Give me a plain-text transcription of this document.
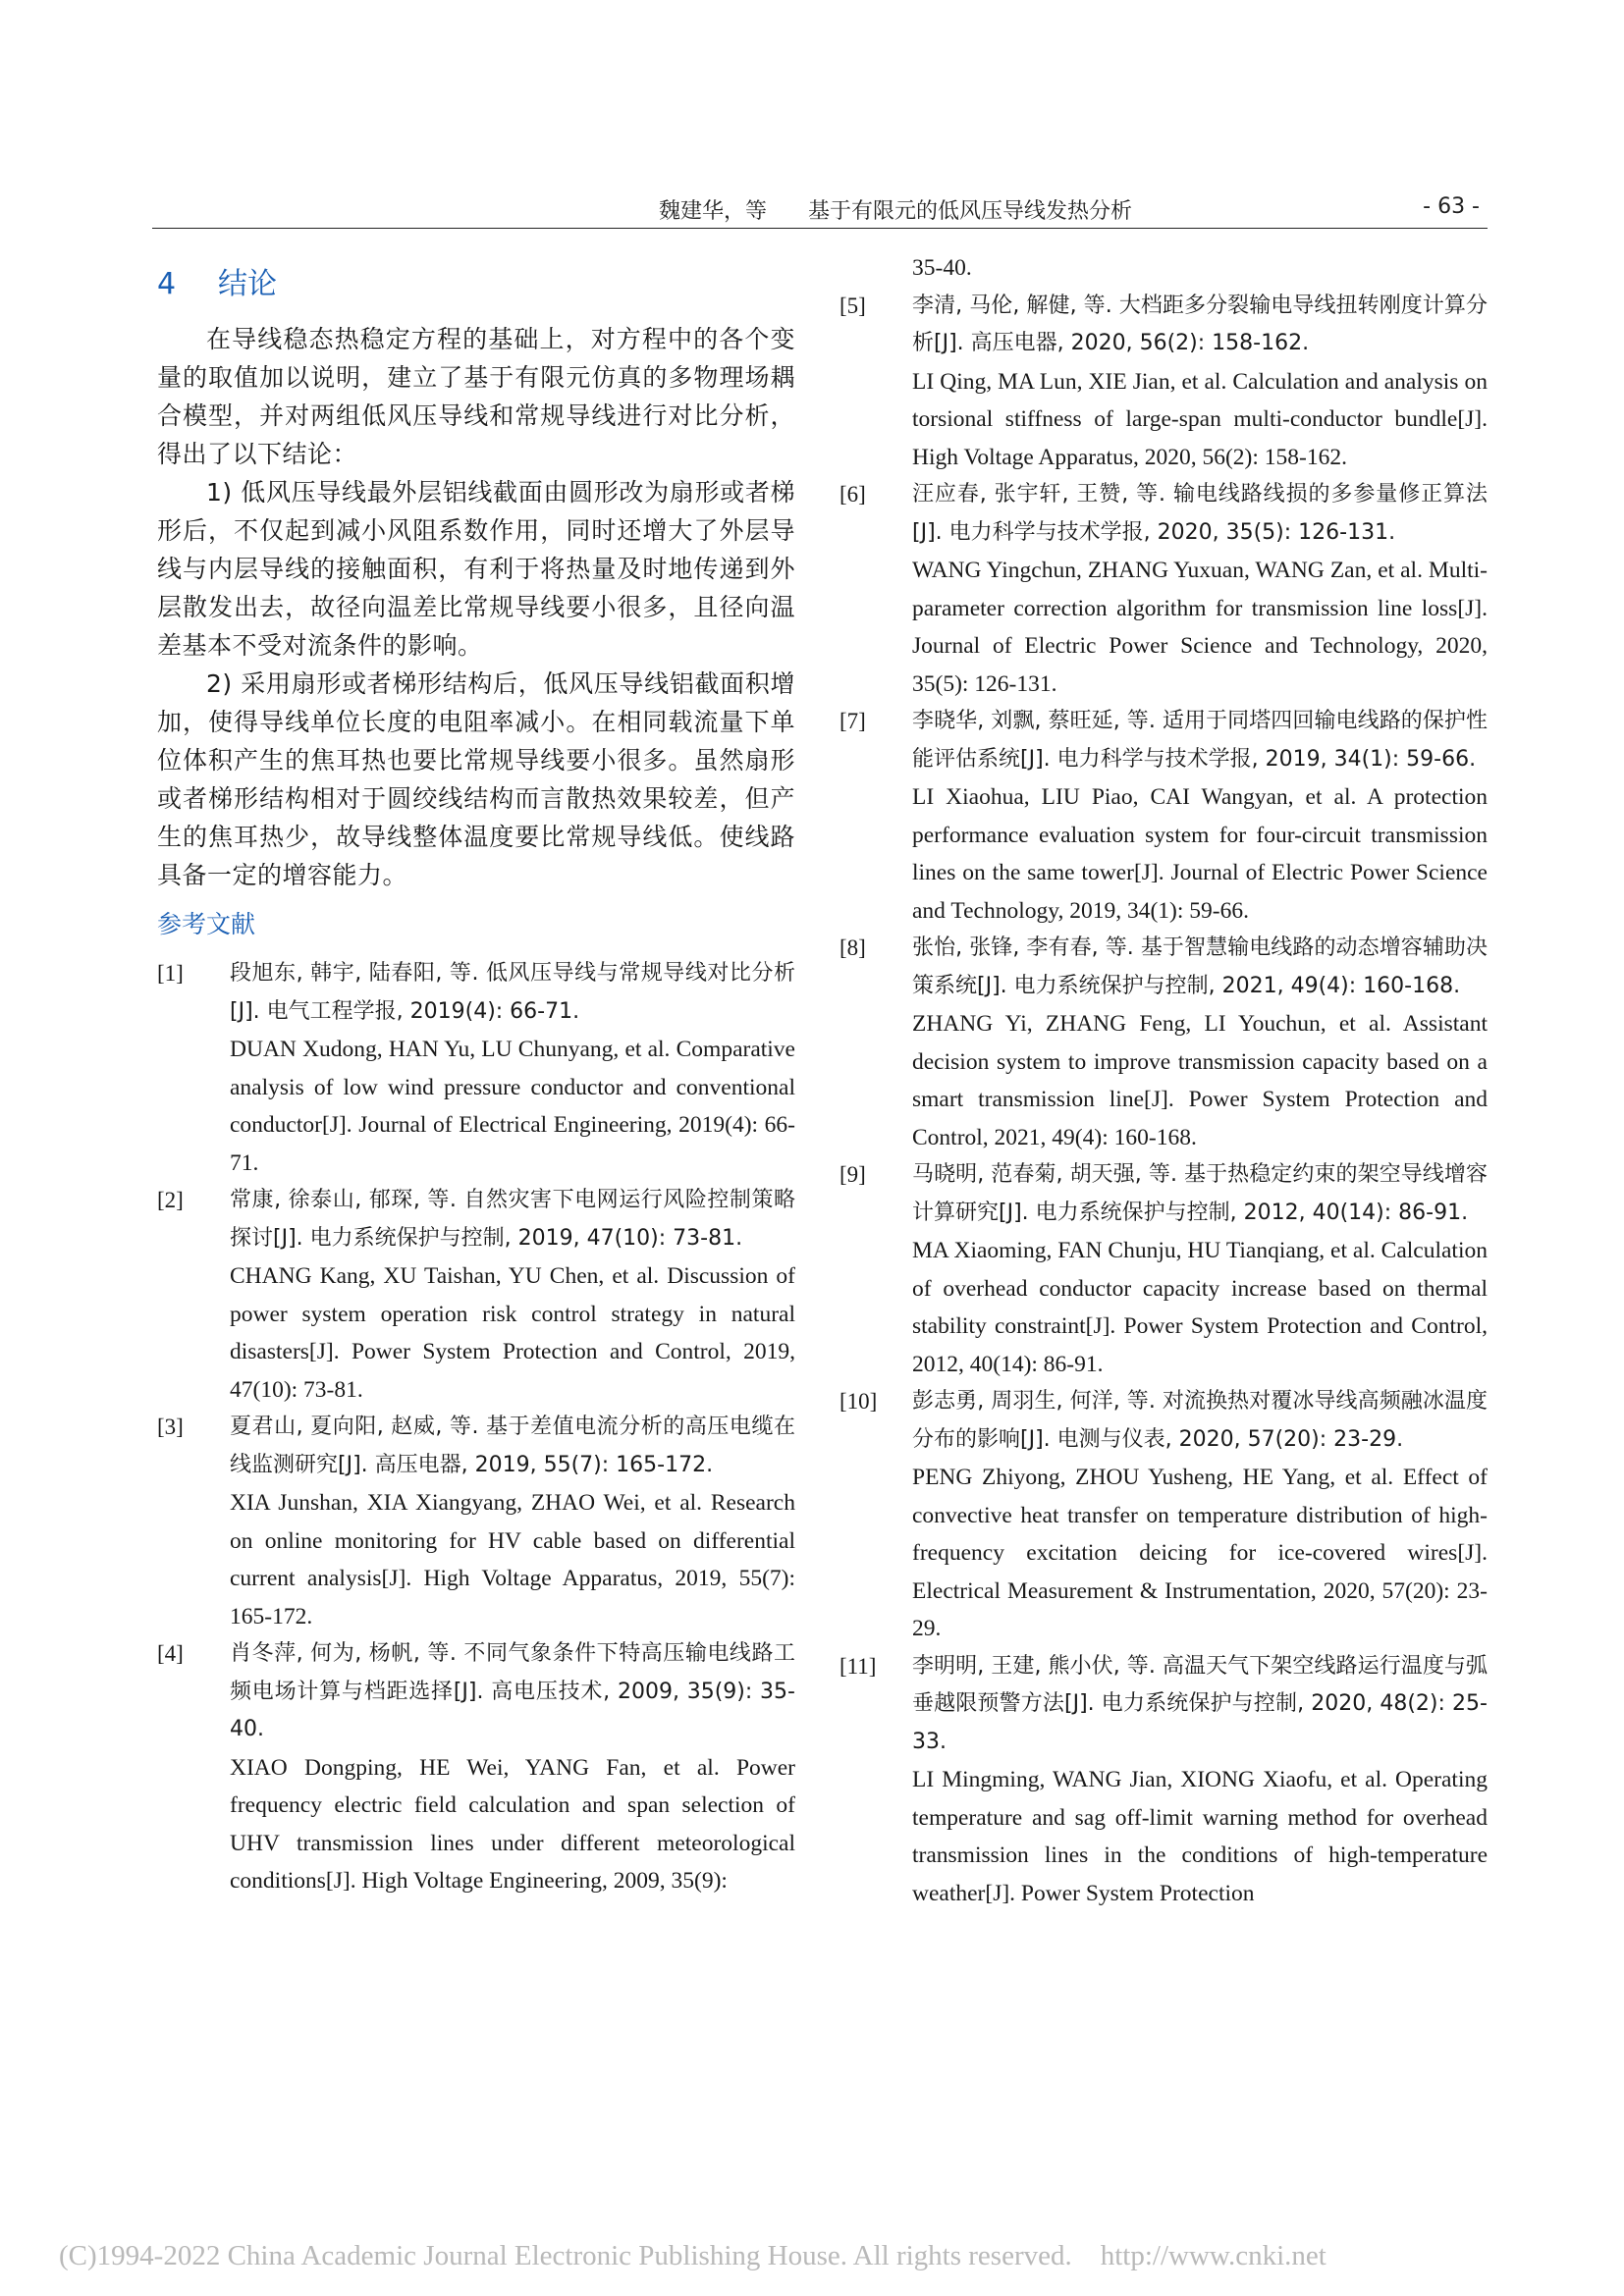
魏建华，等 基于有限元的低风压导线发热分析	- 63 -
4 结论

在导线稳态热稳定方程的基础上，对方程中的各个变量的取值加以说明，建立了基于有限元仿真的多物理场耦合模型，并对两组低风压导线和常规导线进行对比分析，得出了以下结论：

1) 低风压导线最外层铝线截面由圆形改为扇形或者梯形后，不仅起到减小风阻系数作用，同时还增大了外层导线与内层导线的接触面积，有利于将热量及时地传递到外层散发出去，故径向温差比常规导线要小很多，且径向温差基本不受对流条件的影响。

2) 采用扇形或者梯形结构后，低风压导线铝截面积增加，使得导线单位长度的电阻率减小。在相同载流量下单位体积产生的焦耳热也要比常规导线要小很多。虽然扇形或者梯形结构相对于圆绞线结构而言散热效果较差，但产生的焦耳热少，故导线整体温度要比常规导线低。使线路具备一定的增容能力。

参考文献
[1]	段旭东, 韩宇, 陆春阳, 等. 低风压导线与常规导线对比分析[J]. 电气工程学报, 2019(4): 66-71.
DUAN Xudong, HAN Yu, LU Chunyang, et al. Comparative analysis of low wind pressure conductor and conventional conductor[J]. Journal of Electrical Engineering, 2019(4): 66-71.
[2]	常康, 徐泰山, 郁琛, 等. 自然灾害下电网运行风险控制策略探讨[J]. 电力系统保护与控制, 2019, 47(10): 73-81.
CHANG Kang, XU Taishan, YU Chen, et al. Discussion of power system operation risk control strategy in natural disasters[J]. Power System Protection and Control, 2019, 47(10): 73-81.
[3]	夏君山, 夏向阳, 赵威, 等. 基于差值电流分析的高压电缆在线监测研究[J]. 高压电器, 2019, 55(7): 165-172.
XIA Junshan, XIA Xiangyang, ZHAO Wei, et al. Research on online monitoring for HV cable based on differential current analysis[J]. High Voltage Apparatus, 2019, 55(7): 165-172.
[4]	肖冬萍, 何为, 杨帆, 等. 不同气象条件下特高压输电线路工频电场计算与档距选择[J]. 高电压技术, 2009, 35(9): 35-40.
XIAO Dongping, HE Wei, YANG Fan, et al. Power frequency electric field calculation and span selection of UHV transmission lines under different meteorological conditions[J]. High Voltage Engineering, 2009, 35(9):
35-40.
[5]	李清, 马伦, 解健, 等. 大档距多分裂输电导线扭转刚度计算分析[J]. 高压电器, 2020, 56(2): 158-162.
LI Qing, MA Lun, XIE Jian, et al. Calculation and analysis on torsional stiffness of large-span multi-conductor bundle[J]. High Voltage Apparatus, 2020, 56(2): 158-162.
[6]	汪应春, 张宇轩, 王赞, 等. 输电线路线损的多参量修正算法[J]. 电力科学与技术学报, 2020, 35(5): 126-131.
WANG Yingchun, ZHANG Yuxuan, WANG Zan, et al. Multi-parameter correction algorithm for transmission line loss[J]. Journal of Electric Power Science and Technology, 2020, 35(5): 126-131.
[7]	李晓华, 刘飘, 蔡旺延, 等. 适用于同塔四回输电线路的保护性能评估系统[J]. 电力科学与技术学报, 2019, 34(1): 59-66.
LI Xiaohua, LIU Piao, CAI Wangyan, et al. A protection performance evaluation system for four-circuit transmission lines on the same tower[J]. Journal of Electric Power Science and Technology, 2019, 34(1): 59-66.
[8]	张怡, 张锋, 李有春, 等. 基于智慧输电线路的动态增容辅助决策系统[J]. 电力系统保护与控制, 2021, 49(4): 160-168.
ZHANG Yi, ZHANG Feng, LI Youchun, et al. Assistant decision system to improve transmission capacity based on a smart transmission line[J]. Power System Protection and Control, 2021, 49(4): 160-168.
[9]	马晓明, 范春菊, 胡天强, 等. 基于热稳定约束的架空导线增容计算研究[J]. 电力系统保护与控制, 2012, 40(14): 86-91.
MA Xiaoming, FAN Chunju, HU Tianqiang, et al. Calculation of overhead conductor capacity increase based on thermal stability constraint[J]. Power System Protection and Control, 2012, 40(14): 86-91.
[10]	彭志勇, 周羽生, 何洋, 等. 对流换热对覆冰导线高频融冰温度分布的影响[J]. 电测与仪表, 2020, 57(20): 23-29.
PENG Zhiyong, ZHOU Yusheng, HE Yang, et al. Effect of convective heat transfer on temperature distribution of high-frequency excitation deicing for ice-covered wires[J]. Electrical Measurement & Instrumentation, 2020, 57(20): 23-29.
[11]	李明明, 王建, 熊小伏, 等. 高温天气下架空线路运行温度与弧垂越限预警方法[J]. 电力系统保护与控制, 2020, 48(2): 25-33.
LI Mingming, WANG Jian, XIONG Xiaofu, et al. Operating temperature and sag off-limit warning method for overhead transmission lines in the conditions of high-temperature weather[J]. Power System Protection
(C)1994-2022 China Academic Journal Electronic Publishing House. All rights reserved.    http://www.cnki.net
